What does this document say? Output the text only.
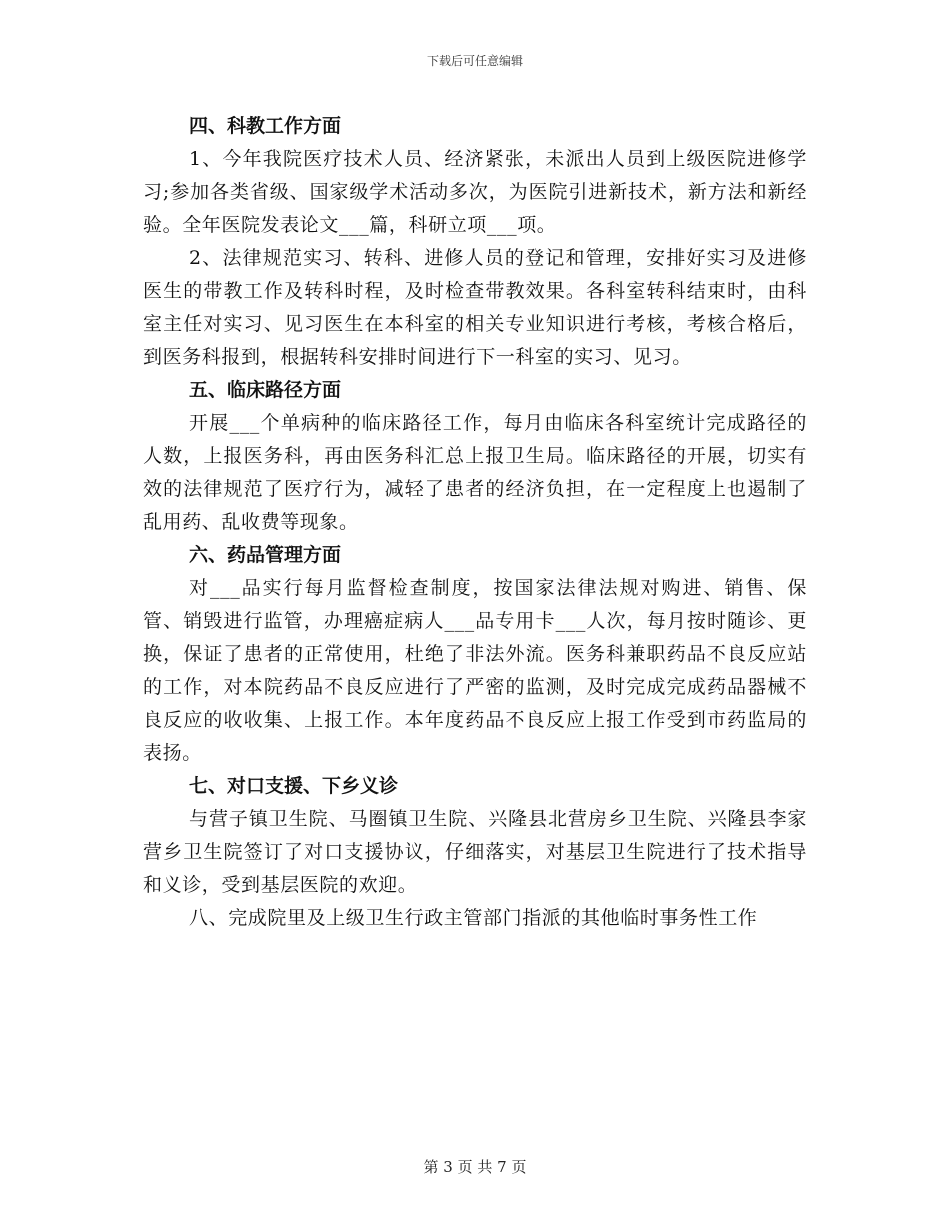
下载后可任意编辑

四、科教工作方面

1、今年我院医疗技术人员、经济紧张，未派出人员到上级医院进修学习;参加各类省级、国家级学术活动多次，为医院引进新技术，新方法和新经验。全年医院发表论文___篇，科研立项___项。

2、法律规范实习、转科、进修人员的登记和管理，安排好实习及进修医生的带教工作及转科时程，及时检查带教效果。各科室转科结束时，由科室主任对实习、见习医生在本科室的相关专业知识进行考核，考核合格后，到医务科报到，根据转科安排时间进行下一科室的实习、见习。

五、临床路径方面

开展___个单病种的临床路径工作，每月由临床各科室统计完成路径的人数，上报医务科，再由医务科汇总上报卫生局。临床路径的开展，切实有效的法律规范了医疗行为，减轻了患者的经济负担，在一定程度上也遏制了乱用药、乱收费等现象。

六、药品管理方面

对___品实行每月监督检查制度，按国家法律法规对购进、销售、保管、销毁进行监管，办理癌症病人___品专用卡___人次，每月按时随诊、更换，保证了患者的正常使用，杜绝了非法外流。医务科兼职药品不良反应站的工作，对本院药品不良反应进行了严密的监测，及时完成完成药品器械不良反应的收收集、上报工作。本年度药品不良反应上报工作受到市药监局的表扬。

七、对口支援、下乡义诊

与营子镇卫生院、马圈镇卫生院、兴隆县北营房乡卫生院、兴隆县李家营乡卫生院签订了对口支援协议，仔细落实，对基层卫生院进行了技术指导和义诊，受到基层医院的欢迎。

八、完成院里及上级卫生行政主管部门指派的其他临时事务性工作

第 3 页 共 7 页
